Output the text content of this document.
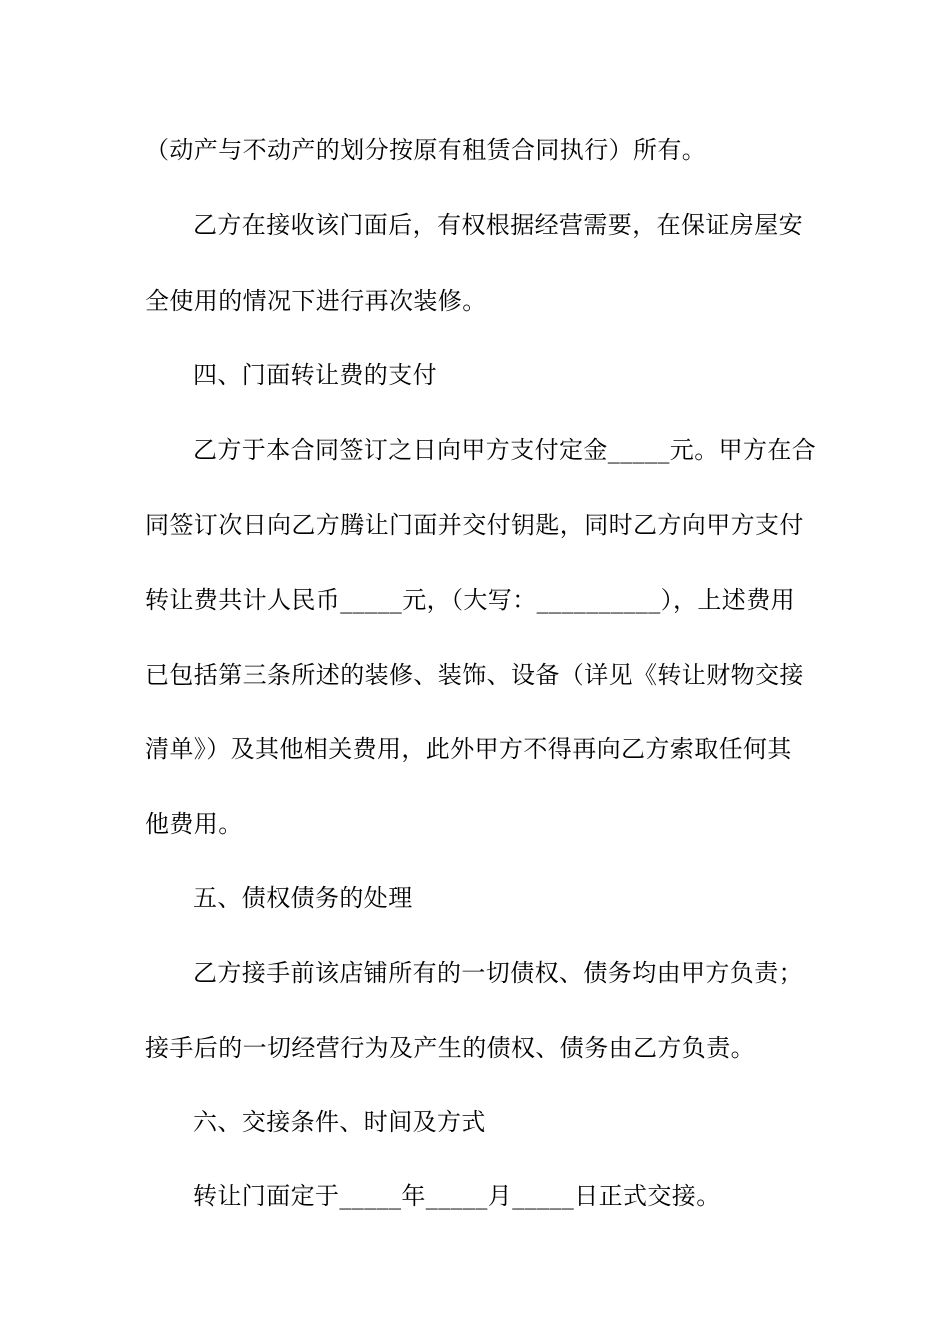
（动产与不动产的划分按原有租赁合同执行）所有。
乙方在接收该门面后，有权根据经营需要，在保证房屋安
全使用的情况下进行再次装修。
四、门面转让费的支付
乙方于本合同签订之日向甲方支付定金_____元。甲方在合
同签订次日向乙方腾让门面并交付钥匙，同时乙方向甲方支付
转让费共计人民币_____元，（大写：__________），上述费用
已包括第三条所述的装修、装饰、设备（详见《转让财物交接
清单》）及其他相关费用，此外甲方不得再向乙方索取任何其
他费用。
五、债权债务的处理
乙方接手前该店铺所有的一切债权、债务均由甲方负责；
接手后的一切经营行为及产生的债权、债务由乙方负责。
六、交接条件、时间及方式
转让门面定于_____年_____月_____日正式交接。
